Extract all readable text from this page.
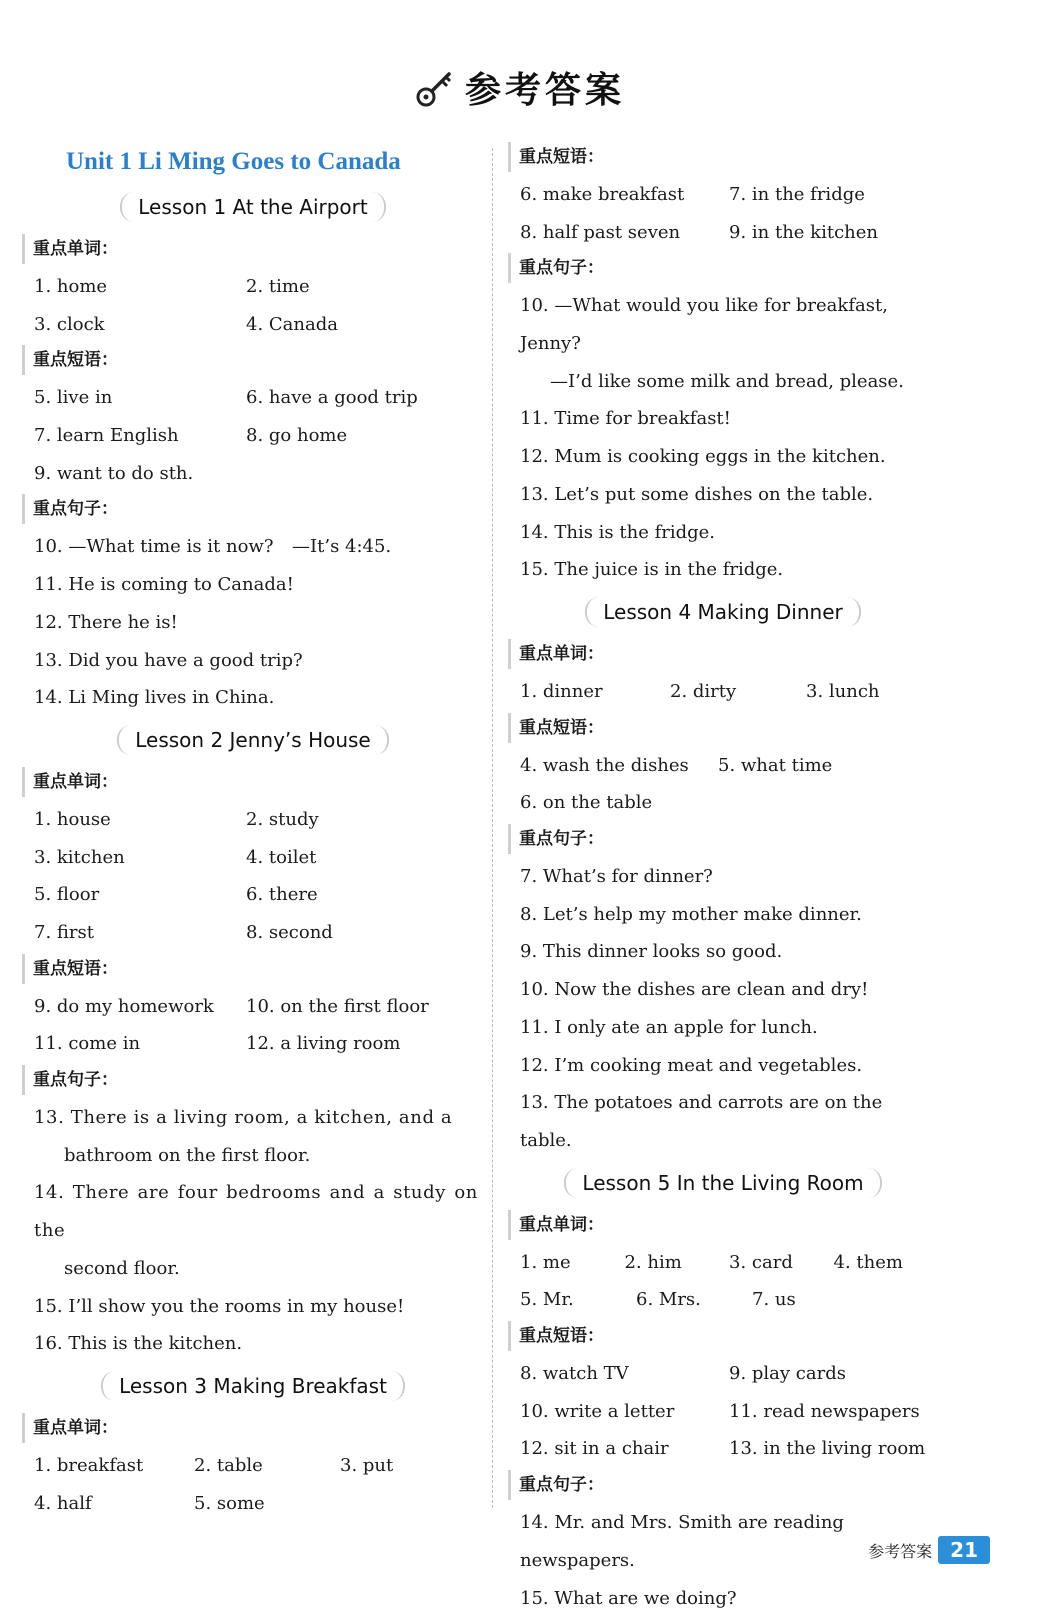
参考答案
Unit 1 Li Ming Goes to Canada
Lesson 1 At the Airport
重点单词：
1. home	2. time
3. clock	4. Canada
重点短语：
5. live in	6. have a good trip
7. learn English	8. go home
9. want to do sth.
重点句子：
10. —What time is it now?	—It’s 4:45.
11. He is coming to Canada!
12. There he is!
13. Did you have a good trip?
14. Li Ming lives in China.
Lesson 2 Jenny’s House
重点单词：
1. house	2. study
3. kitchen	4. toilet
5. floor	6. there
7. first	8. second
重点短语：
9. do my homework	10. on the first floor
11. come in	12. a living room
重点句子：
13. There is a living room, a kitchen, and a
bathroom on the first floor.
14. There are four bedrooms and a study on the
second floor.
15. I’ll show you the rooms in my house!
16. This is the kitchen.
Lesson 3 Making Breakfast
重点单词：
1. breakfast	2. table	3. put
4. half	5. some
重点短语：
6. make breakfast	7. in the fridge
8. half past seven	9. in the kitchen
重点句子：
10. —What would you like for breakfast, Jenny?
—I’d like some milk and bread, please.
11. Time for breakfast!
12. Mum is cooking eggs in the kitchen.
13. Let’s put some dishes on the table.
14. This is the fridge.
15. The juice is in the fridge.
Lesson 4 Making Dinner
重点单词：
1. dinner	2. dirty	3. lunch
重点短语：
4. wash the dishes	5. what time
6. on the table
重点句子：
7. What’s for dinner?
8. Let’s help my mother make dinner.
9. This dinner looks so good.
10. Now the dishes are clean and dry!
11. I only ate an apple for lunch.
12. I’m cooking meat and vegetables.
13. The potatoes and carrots are on the table.
Lesson 5 In the Living Room
重点单词：
1. me	2. him	3. card	4. them
5. Mr.	6. Mrs.	7. us
重点短语：
8. watch TV	9. play cards
10. write a letter	11. read newspapers
12. sit in a chair	13. in the living room
重点句子：
14. Mr. and Mrs. Smith are reading newspapers.
15. What are we doing?
参考答案 21
